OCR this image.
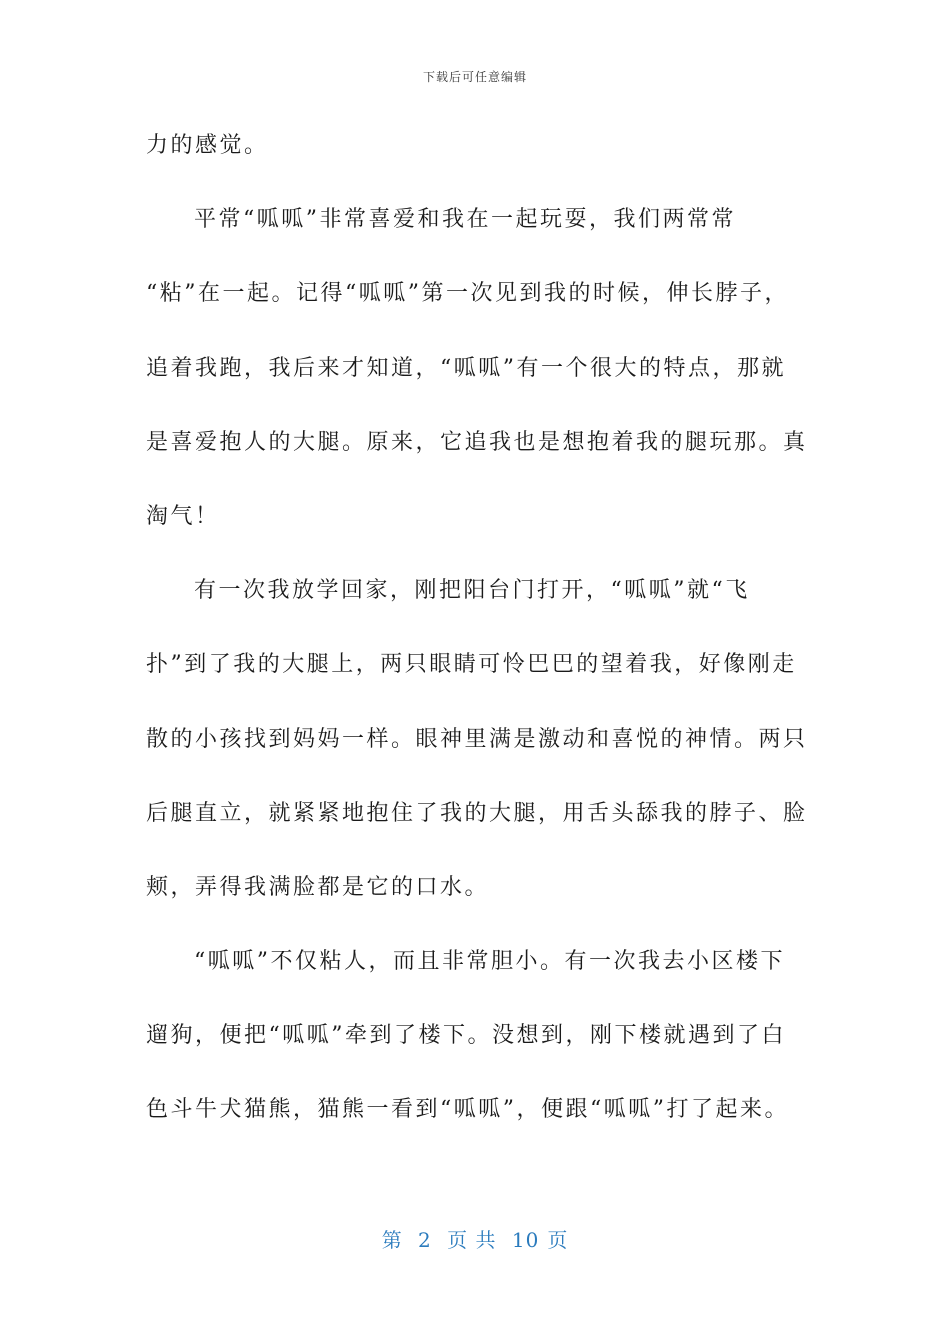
下载后可任意编辑
力的感觉。
平常“呱呱”非常喜爱和我在一起玩耍，我们两常常
“粘”在一起。记得“呱呱”第一次见到我的时候，伸长脖子，
追着我跑，我后来才知道，“呱呱”有一个很大的特点，那就
是喜爱抱人的大腿。原来，它追我也是想抱着我的腿玩那。真
淘气！
有一次我放学回家，刚把阳台门打开，“呱呱”就“飞
扑”到了我的大腿上，两只眼睛可怜巴巴的望着我，好像刚走
散的小孩找到妈妈一样。眼神里满是激动和喜悦的神情。两只
后腿直立，就紧紧地抱住了我的大腿，用舌头舔我的脖子、脸
颊，弄得我满脸都是它的口水。
“呱呱”不仅粘人，而且非常胆小。有一次我去小区楼下
遛狗，便把“呱呱”牵到了楼下。没想到，刚下楼就遇到了白
色斗牛犬猫熊，猫熊一看到“呱呱”，便跟“呱呱”打了起来。
第 2 页 共 10 页
